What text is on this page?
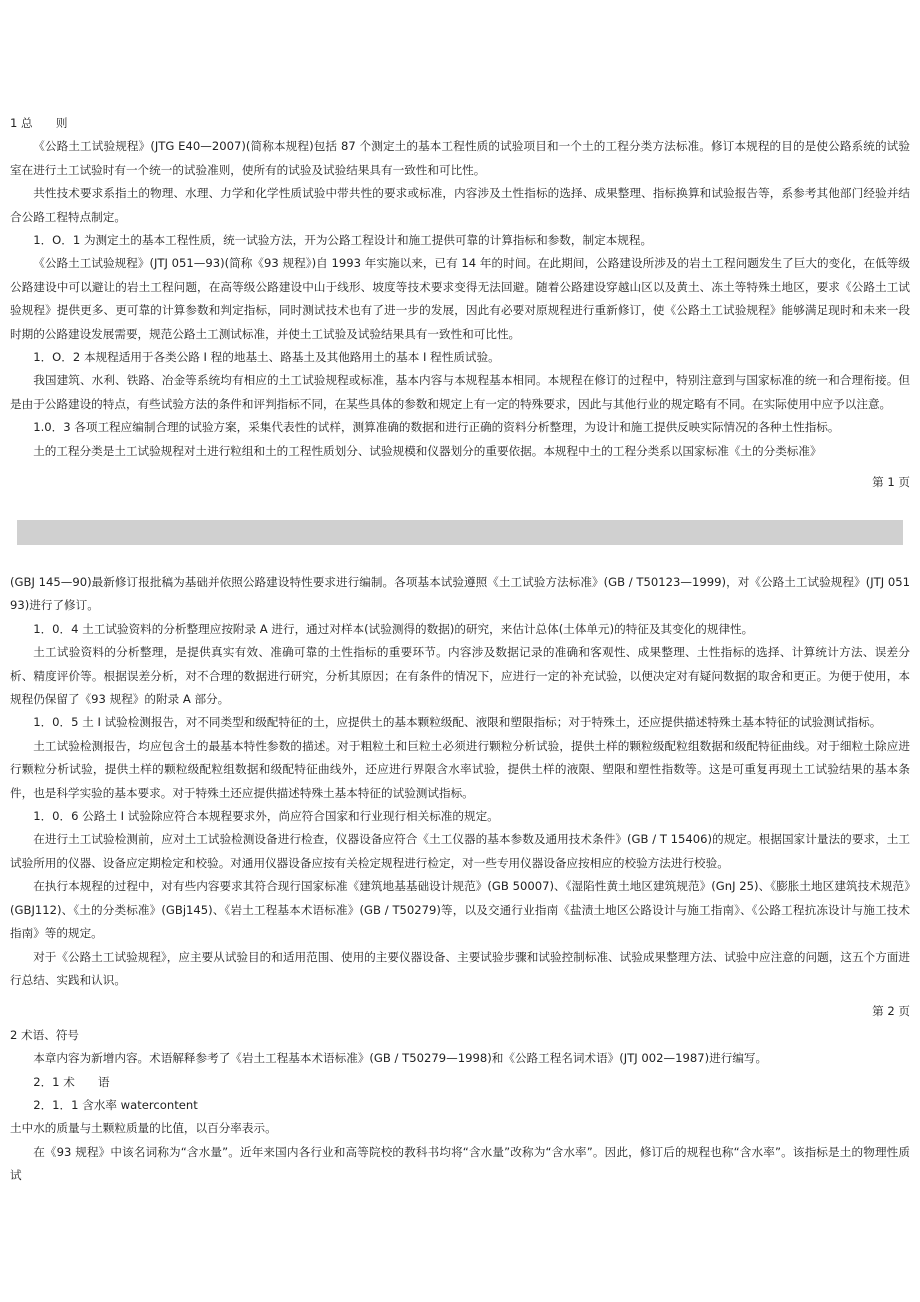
1 总　　则

《公路土工试验规程》(JTG E40—2007)(简称本规程)包括 87 个测定土的基本工程性质的试验项目和一个土的工程分类方法标准。修订本规程的目的是使公路系统的试验室在进行土工试验时有一个统一的试验准则，使所有的试验及试验结果具有一致性和可比性。

共性技术要求系指土的物理、水理、力学和化学性质试验中带共性的要求或标准，内容涉及土性指标的选择、成果整理、指标换算和试验报告等，系参考其他部门经验并结合公路工程特点制定。

1．O．1 为测定土的基本工程性质，统一试验方法，开为公路工程设计和施工提供可靠的计算指标和参数，制定本规程。

《公路土工试验规程》(JTJ 051—93)(简称《93 规程》)自 1993 年实施以来，已有 14 年的时间。在此期间，公路建设所涉及的岩土工程问题发生了巨大的变化，在低等级公路建设中可以避让的岩土工程问题，在高等级公路建设中山于线形、坡度等技术要求变得无法回避。随着公路建设穿越山区以及黄土、冻土等特殊土地区，要求《公路土工试验规程》提供更多、更可靠的计算参数和判定指标，同时测试技术也有了进一步的发展，因此有必要对原规程进行重新修订，使《公路土工试验规程》能够满足现时和未来一段时期的公路建设发展需要，规范公路土工测试标准，并使土工试验及试验结果具有一致性和可比性。

1．O．2 本规程适用于各类公路 I 程的地基土、路基土及其他路用土的基本 I 程性质试验。

我国建筑、水利、铁路、冶金等系统均有相应的土工试验规程或标准，基本内容与本规程基本相同。本规程在修订的过程中，特别注意到与国家标准的统一和合理衔接。但是由于公路建设的特点，有些试验方法的条件和评判指标不同，在某些具体的参数和规定上有一定的特殊要求，因此与其他行业的规定略有不同。在实际使用中应予以注意。

1.0．3 各项工程应编制合理的试验方案，采集代表性的试样，测算准确的数据和进行正确的资料分析整理，为设计和施工提供反映实际情况的各种土性指标。

土的工程分类是土工试验规程对土进行粒组和土的工程性质划分、试验规模和仪器划分的重要依据。本规程中土的工程分类系以国家标准《土的分类标准》

第 1 页

(GBJ 145—90)最新修订报批稿为基础并依照公路建设特性要求进行编制。各项基本试验遵照《土工试验方法标准》(GB / T50123—1999)，对《公路土工试验规程》(JTJ 051 93)进行了修订。

1．0．4 土工试验资料的分析整理应按附录 A 进行，通过对样本(试验测得的数据)的研究，来估计总体(土体单元)的特征及其变化的规律性。

土工试验资料的分析整理，是提供真实有效、准确可靠的土性指标的重要环节。内容涉及数据记录的准确和客观性、成果整理、土性指标的选择、计算统计方法、误差分析、精度评价等。根据误差分析，对不合理的数据进行研究，分析其原因；在有条件的情况下，应进行一定的补充试验，以便决定对有疑问数据的取舍和更正。为便于使用，本规程仍保留了《93 规程》的附录 A 部分。

1．0．5 土 I 试验检测报告，对不同类型和级配特征的土，应提供土的基本颗粒级配、液限和塑限指标；对于特殊土，还应提供描述特殊土基本特征的试验测试指标。

土工试验检测报告，均应包含土的最基本特性参数的描述。对于粗粒土和巨粒土必须进行颗粒分析试验，提供土样的颗粒级配粒组数据和级配特征曲线。对于细粒土除应进行颗粒分析试验，提供土样的颗粒级配粒组数据和级配特征曲线外，还应进行界限含水率试验，提供土样的液限、塑限和塑性指数等。这是可重复再现土工试验结果的基本条件，也是科学实验的基本要求。对于特殊土还应提供描述特殊土基本特征的试验测试指标。

1．0．6 公路土 I 试验除应符合本规程要求外，尚应符合国家和行业现行相关标准的规定。

在进行土工试验检测前，应对土工试验检测设备进行检查，仪器设备应符合《土工仪器的基本参数及通用技术条件》(GB / T 15406)的规定。根据国家计量法的要求，土工试验所用的仪器、设备应定期检定和校验。对通用仪器设备应按有关检定规程进行检定，对一些专用仪器设备应按相应的校验方法进行校验。

在执行本规程的过程中，对有些内容要求其符合现行国家标准《建筑地基基础设计规范》(GB 50007)、《湿陷性黄土地区建筑规范》(GnJ 25)、《膨胀土地区建筑技术规范》(GBJ112)、《土的分类标准》(GBj145)、《岩土工程基本术语标准》(GB / T50279)等，以及交通行业指南《盐渍土地区公路设计与施工指南》、《公路工程抗冻设计与施工技术指南》等的规定。

对于《公路土工试验规程》，应主要从试验目的和适用范围、使用的主要仪器设备、主要试验步骤和试验控制标准、试验成果整理方法、试验中应注意的问题，这五个方面进行总结、实践和认识。

第 2 页
2 术语、符号

本章内容为新增内容。术语解释参考了《岩土工程基本术语标准》(GB / T50279—1998)和《公路工程名词术语》(JTJ 002—1987)进行编写。

2．1 术　　语

2．1．1 含水率 watercontent

土中水的质量与土颗粒质量的比值，以百分率表示。

在《93 规程》中该名词称为“含水量”。近年来国内各行业和高等院校的教科书均将“含水量”改称为“含水率”。因此，修订后的规程也称“含水率”。该指标是土的物理性质试
